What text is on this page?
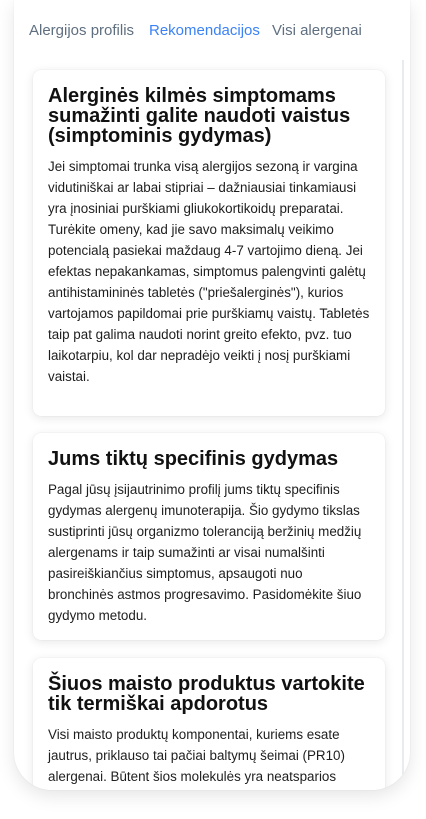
Alergijos profilis Rekomendacijos Visi alergenai
Alerginės kilmės simptomams sumažinti galite naudoti vaistus (simptominis gydymas)

Jei simptomai trunka visą alergijos sezoną ir vargina vidutiniškai ar labai stipriai – dažniausiai tinkamiausi yra įnosiniai purškiami gliukokortikoidų preparatai. Turėkite omeny, kad jie savo maksimalų veikimo potencialą pasiekai maždaug 4-7 vartojimo dieną. Jei efektas nepakankamas, simptomus palengvinti galėtų antihistamininės tabletės ("priešalerginės"), kurios vartojamos papildomai prie purškiamų vaistų. Tabletės taip pat galima naudoti norint greito efekto, pvz. tuo laikotarpiu, kol dar nepradėjo veikti į nosį purškiami vaistai.

Jums tiktų specifinis gydymas

Pagal jūsų įsijautrinimo profilį jums tiktų specifinis gydymas alergenų imunoterapija. Šio gydymo tikslas sustiprinti jūsų organizmo toleranciją beržinių medžių alergenams ir taip sumažinti ar visai numalšinti pasireiškiančius simptomus, apsaugoti nuo bronchinės astmos progresavimo. Pasidomėkite šiuo gydymo metodu.

Šiuos maisto produktus vartokite tik termiškai apdorotus

Visi maisto produktų komponentai, kuriems esate jautrus, priklauso tai pačiai baltymų šeimai (PR10) alergenai. Būtent šios molekulės yra neatsparios
